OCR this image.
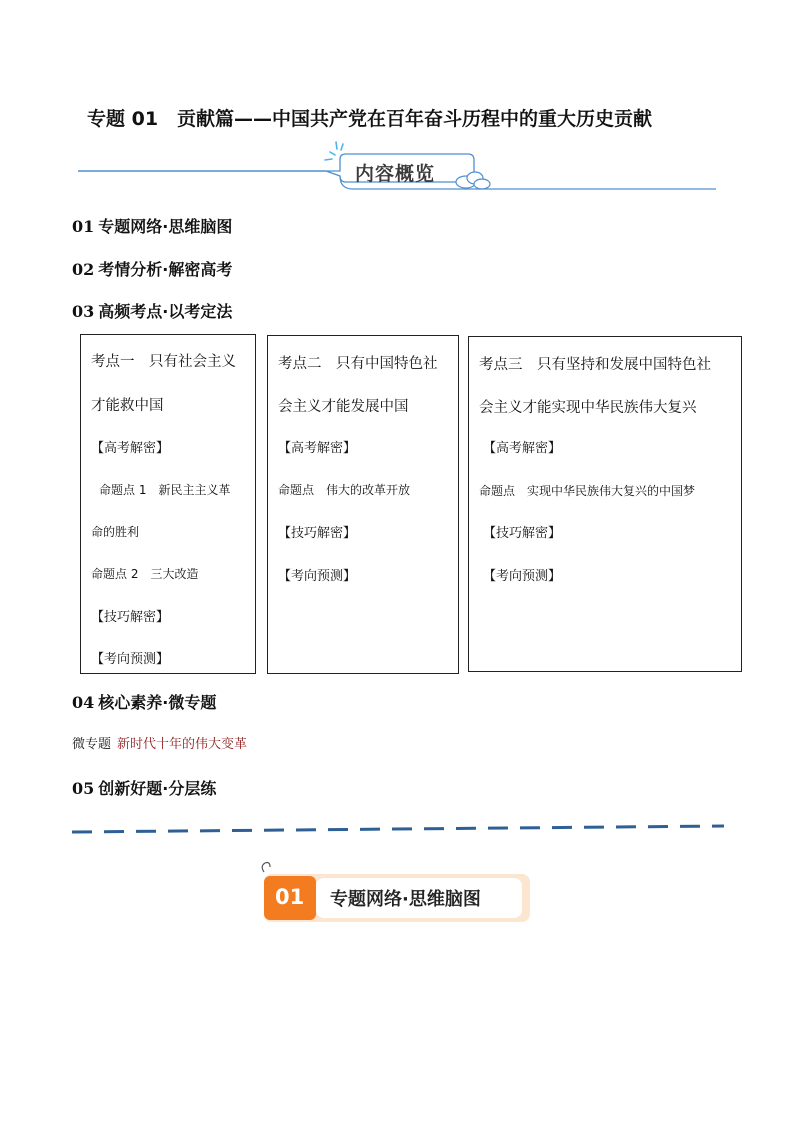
专题 01　贡献篇——中国共产党在百年奋斗历程中的重大历史贡献
内容概览
01 专题网络·思维脑图
02 考情分析·解密高考
03 高频考点·以考定法
考点一　只有社会主义
才能救中国
【高考解密】
命题点 1　新民主主义革
命的胜利
命题点 2　三大改造
【技巧解密】
【考向预测】
考点二　只有中国特色社
会主义才能发展中国
【高考解密】
命题点　伟大的改革开放
【技巧解密】
【考向预测】
考点三　只有坚持和发展中国特色社
会主义才能实现中华民族伟大复兴
【高考解密】
命题点　实现中华民族伟大复兴的中国梦
【技巧解密】
【考向预测】
04 核心素养·微专题
微专题 新时代十年的伟大变革
05 创新好题·分层练
01 专题网络·思维脑图
